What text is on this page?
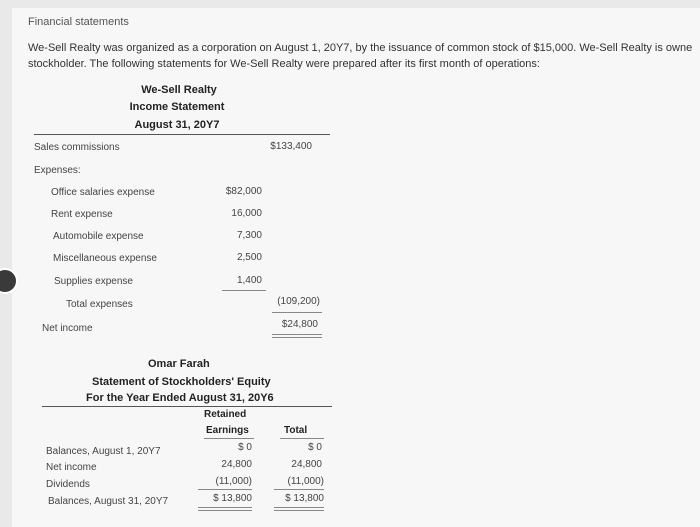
Financial statements
We-Sell Realty was organized as a corporation on August 1, 20Y7, by the issuance of common stock of $15,000. We-Sell Realty is owne
stockholder. The following statements for We-Sell Realty were prepared after its first month of operations:
We-Sell Realty
Income Statement
August 31, 20Y7
Sales commissions	$133,400
Expenses:
Office salaries expense	$82,000
Rent expense	16,000
Automobile expense	7,300
Miscellaneous expense	2,500
Supplies expense	1,400
Total expenses	(109,200)
Net income	$24,800
Omar Farah
Statement of Stockholders' Equity
For the Year Ended August 31, 20Y6
Retained
Earnings	Total
Balances, August 1, 20Y7	$ 0	$ 0
Net income	24,800	24,800
Dividends	(11,000)	(11,000)
Balances, August 31, 20Y7	$ 13,800	$ 13,800
